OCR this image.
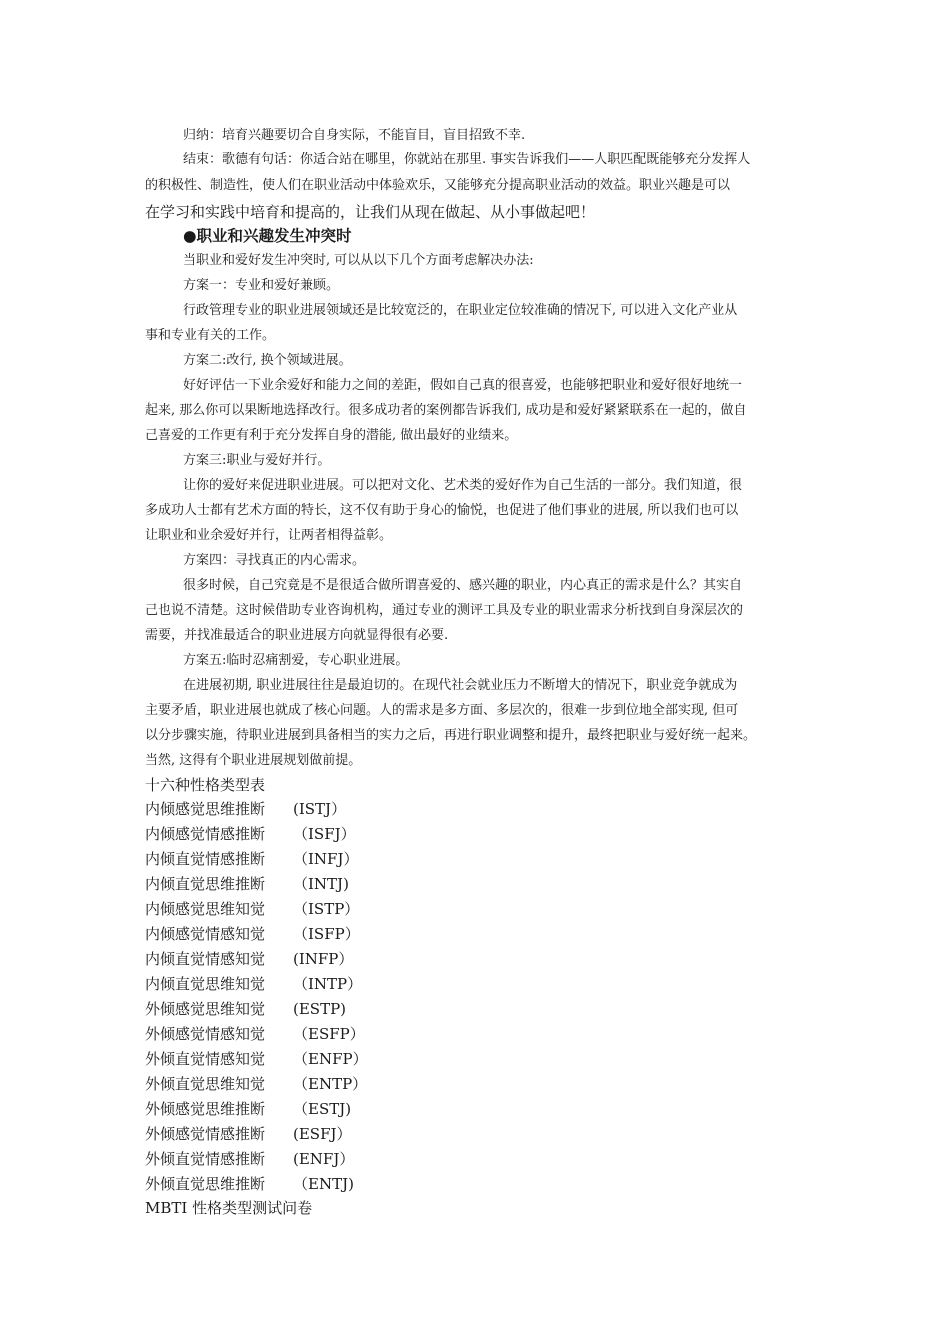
归纳：培育兴趣要切合自身实际，不能盲目，盲目招致不幸.
结束：歌德有句话：你适合站在哪里，你就站在那里. 事实告诉我们——人职匹配既能够充分发挥人
的积极性、制造性，使人们在职业活动中体验欢乐，又能够充分提高职业活动的效益。职业兴趣是可以
在学习和实践中培育和提高的，让我们从现在做起、从小事做起吧！
●职业和兴趣发生冲突时
当职业和爱好发生冲突时, 可以从以下几个方面考虑解决办法:
方案一：专业和爱好兼顾。
行政管理专业的职业进展领域还是比较宽泛的，在职业定位较准确的情况下, 可以进入文化产业从
事和专业有关的工作。
方案二:改行, 换个领域进展。
好好评估一下业余爱好和能力之间的差距，假如自己真的很喜爱，也能够把职业和爱好很好地统一
起来, 那么你可以果断地选择改行。很多成功者的案例都告诉我们, 成功是和爱好紧紧联系在一起的，做自
己喜爱的工作更有利于充分发挥自身的潜能, 做出最好的业绩来。
方案三:职业与爱好并行。
让你的爱好来促进职业进展。可以把对文化、艺术类的爱好作为自己生活的一部分。我们知道，很
多成功人士都有艺术方面的特长，这不仅有助于身心的愉悦，也促进了他们事业的进展, 所以我们也可以
让职业和业余爱好并行，让两者相得益彰。
方案四：寻找真正的内心需求。
很多时候，自己究竟是不是很适合做所谓喜爱的、感兴趣的职业，内心真正的需求是什么？其实自
己也说不清楚。这时候借助专业咨询机构，通过专业的测评工具及专业的职业需求分析找到自身深层次的
需要，并找准最适合的职业进展方向就显得很有必要.
方案五:临时忍痛割爱，专心职业进展。
在进展初期, 职业进展往往是最迫切的。在现代社会就业压力不断增大的情况下，职业竞争就成为
主要矛盾，职业进展也就成了核心问题。人的需求是多方面、多层次的，很难一步到位地全部实现, 但可
以分步骤实施，待职业进展到具备相当的实力之后，再进行职业调整和提升，最终把职业与爱好统一起来。
当然, 这得有个职业进展规划做前提。
十六种性格类型表
内倾感觉思维推断 (ISTJ）
内倾感觉情感推断 （ISFJ）
内倾直觉情感推断 （INFJ）
内倾直觉思维推断 （INTJ)
内倾感觉思维知觉 （ISTP）
内倾感觉情感知觉 （ISFP）
内倾直觉情感知觉 (INFP）
内倾直觉思维知觉 （INTP）
外倾感觉思维知觉 (ESTP)
外倾感觉情感知觉 （ESFP）
外倾直觉情感知觉 （ENFP）
外倾直觉思维知觉 （ENTP）
外倾感觉思维推断 （ESTJ)
外倾感觉情感推断 (ESFJ）
外倾直觉情感推断 (ENFJ）
外倾直觉思维推断 （ENTJ)
MBTI 性格类型测试问卷
